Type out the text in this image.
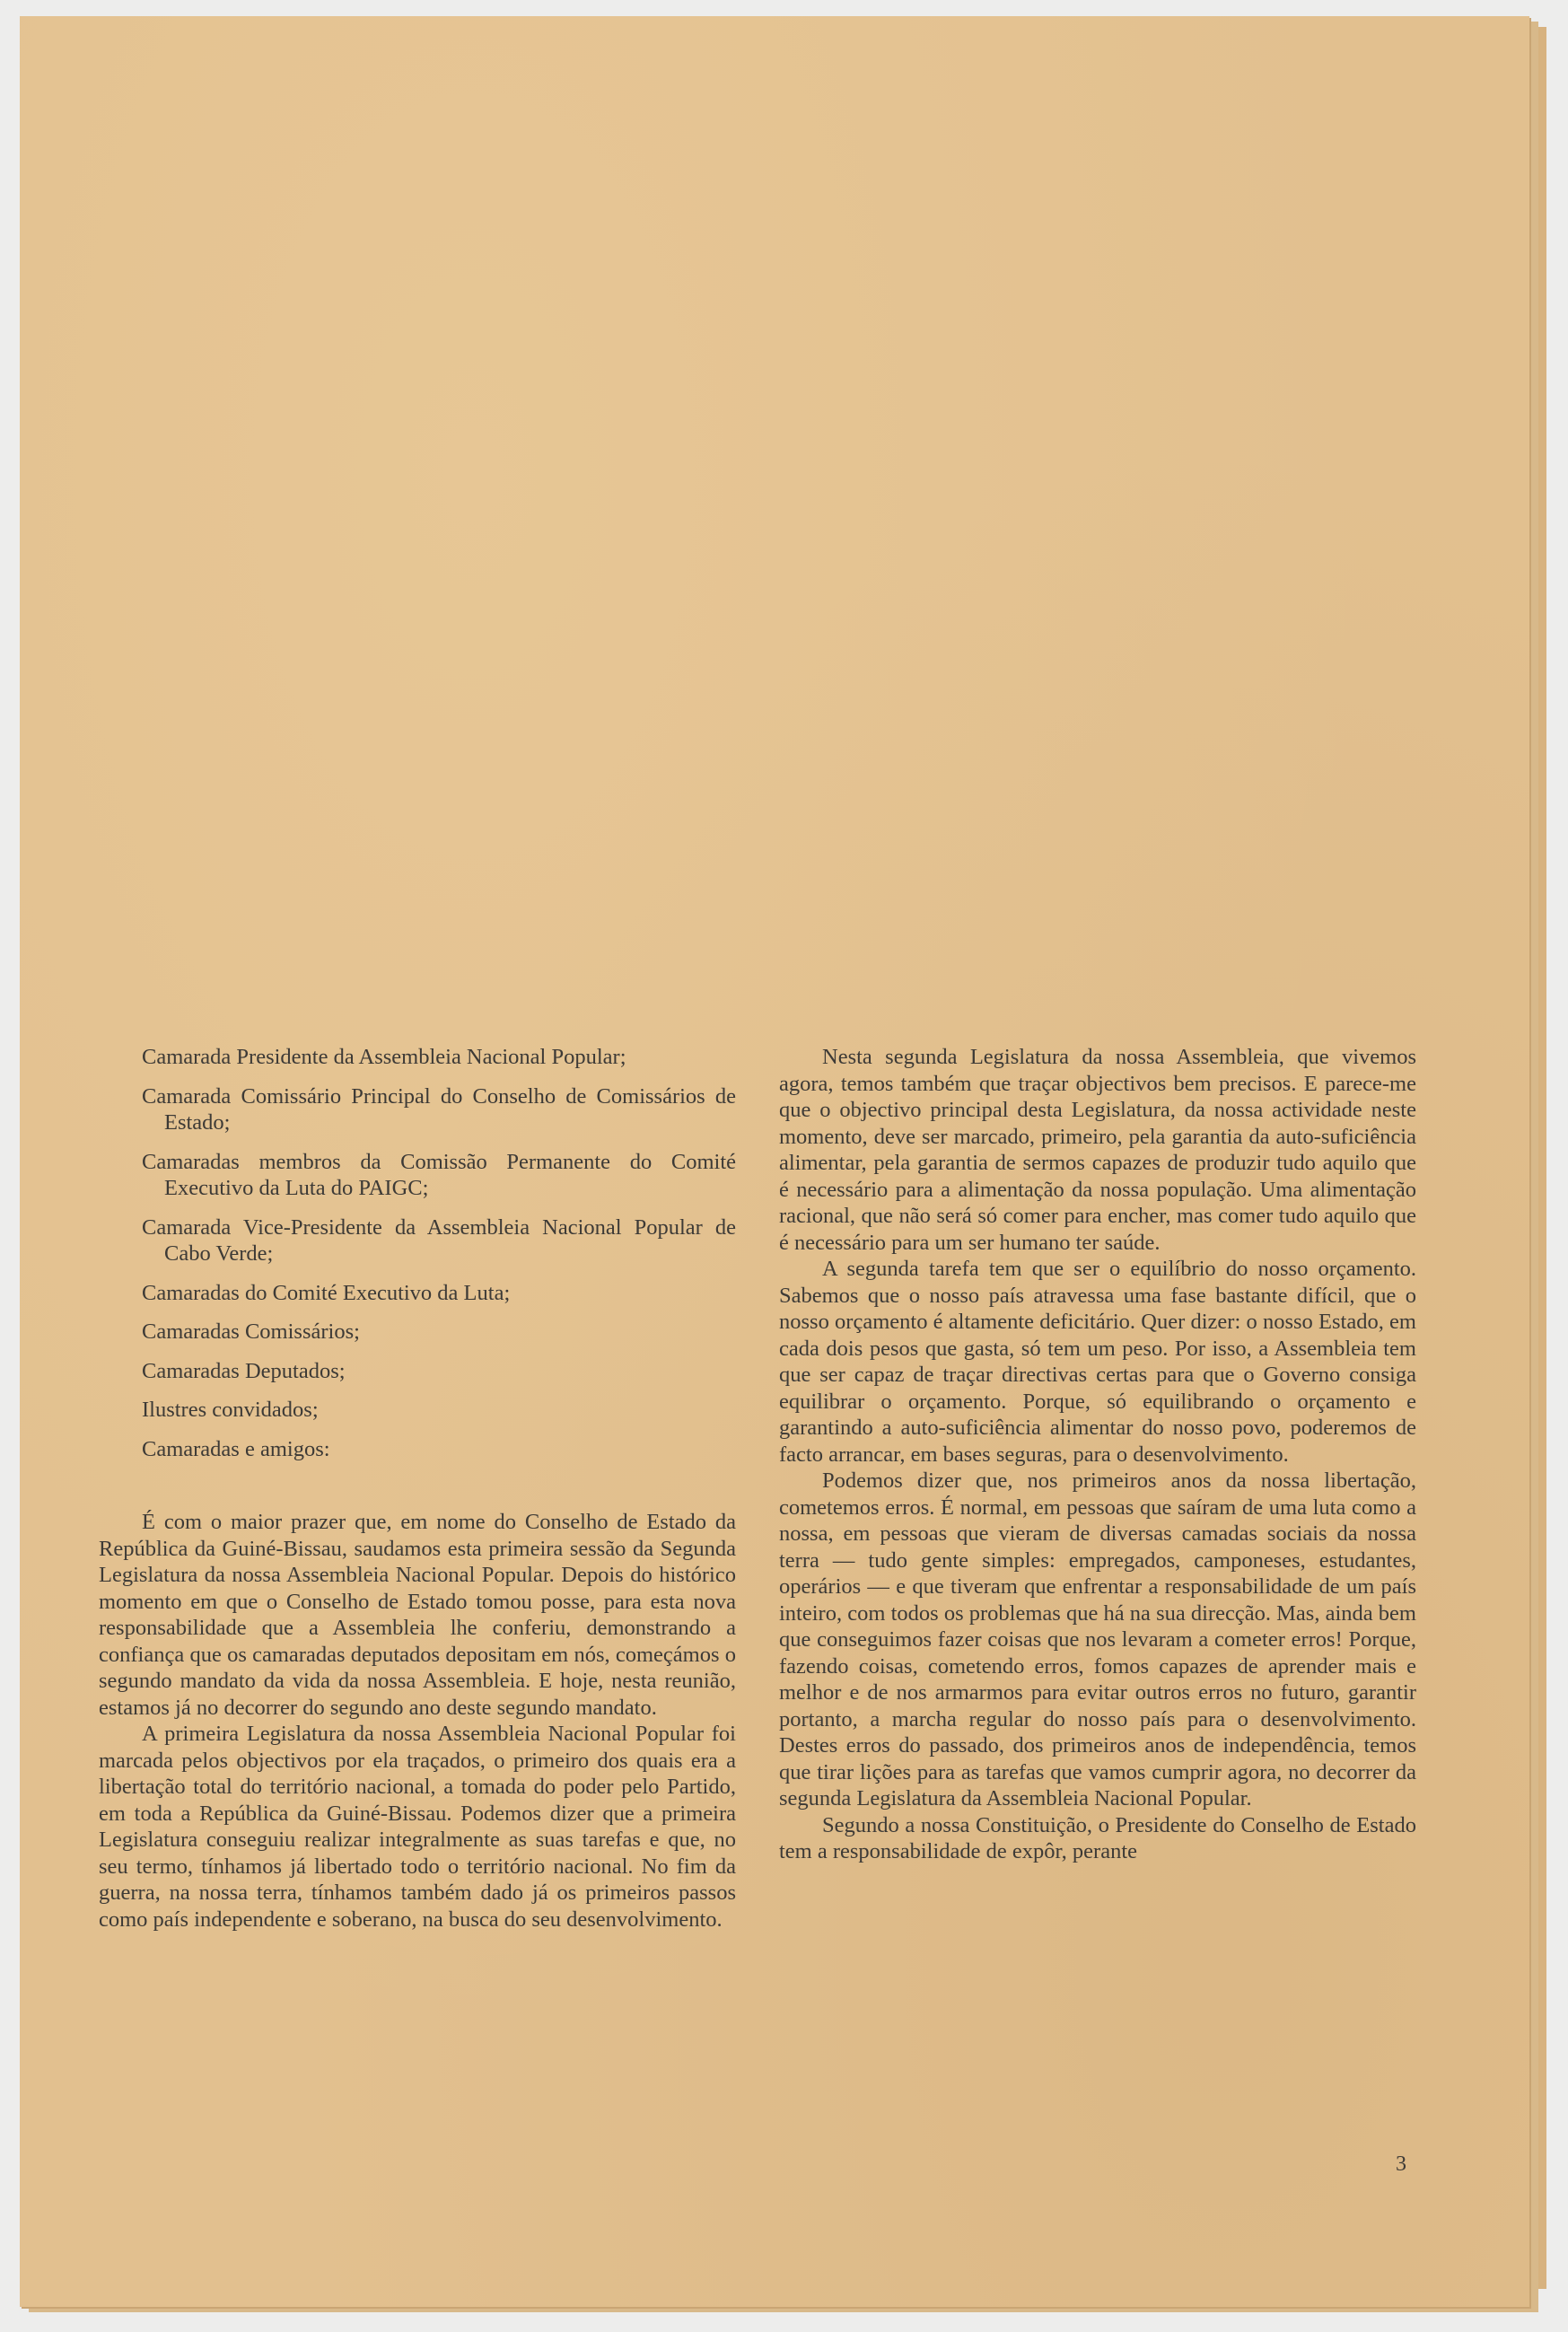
Camarada Presidente da Assembleia Nacional Popular;

Camarada Comissário Principal do Conselho de Comissários de Estado;

Camaradas membros da Comissão Permanente do Comité Executivo da Luta do PAIGC;

Camarada Vice-Presidente da Assembleia Nacional Popular de Cabo Verde;

Camaradas do Comité Executivo da Luta;

Camaradas Comissários;

Camaradas Deputados;

Ilustres convidados;

Camaradas e amigos:

É com o maior prazer que, em nome do Conselho de Estado da República da Guiné-Bissau, saudamos esta primeira sessão da Segunda Legislatura da nossa Assembleia Nacional Popular. Depois do histórico momento em que o Conselho de Estado tomou posse, para esta nova responsabilidade que a Assembleia lhe conferiu, demonstrando a confiança que os camaradas deputados depositam em nós, começámos o segundo mandato da vida da nossa Assembleia. E hoje, nesta reunião, estamos já no decorrer do segundo ano deste segundo mandato.

A primeira Legislatura da nossa Assembleia Nacional Popular foi marcada pelos objectivos por ela traçados, o primeiro dos quais era a libertação total do território nacional, a tomada do poder pelo Partido, em toda a República da Guiné-Bissau. Podemos dizer que a primeira Legislatura conseguiu realizar integralmente as suas tarefas e que, no seu termo, tínhamos já libertado todo o território nacional. No fim da guerra, na nossa terra, tínhamos também dado já os primeiros passos como país independente e soberano, na busca do seu desenvolvimento.

Nesta segunda Legislatura da nossa Assembleia, que vivemos agora, temos também que traçar objectivos bem precisos. E parece-me que o objectivo principal desta Legislatura, da nossa actividade neste momento, deve ser marcado, primeiro, pela garantia da auto-suficiência alimentar, pela garantia de sermos capazes de produzir tudo aquilo que é necessário para a alimentação da nossa população. Uma alimentação racional, que não será só comer para encher, mas comer tudo aquilo que é necessário para um ser humano ter saúde.

A segunda tarefa tem que ser o equilíbrio do nosso orçamento. Sabemos que o nosso país atravessa uma fase bastante difícil, que o nosso orçamento é altamente deficitário. Quer dizer: o nosso Estado, em cada dois pesos que gasta, só tem um peso. Por isso, a Assembleia tem que ser capaz de traçar directivas certas para que o Governo consiga equilibrar o orçamento. Porque, só equilibrando o orçamento e garantindo a auto-suficiência alimentar do nosso povo, poderemos de facto arrancar, em bases seguras, para o desenvolvimento.

Podemos dizer que, nos primeiros anos da nossa libertação, cometemos erros. É normal, em pessoas que saíram de uma luta como a nossa, em pessoas que vieram de diversas camadas sociais da nossa terra — tudo gente simples: empregados, camponeses, estudantes, operários — e que tiveram que enfrentar a responsabilidade de um país inteiro, com todos os problemas que há na sua direcção. Mas, ainda bem que conseguimos fazer coisas que nos levaram a cometer erros! Porque, fazendo coisas, cometendo erros, fomos capazes de aprender mais e melhor e de nos armarmos para evitar outros erros no futuro, garantir portanto, a marcha regular do nosso país para o desenvolvimento. Destes erros do passado, dos primeiros anos de independência, temos que tirar lições para as tarefas que vamos cumprir agora, no decorrer da segunda Legislatura da Assembleia Nacional Popular.

Segundo a nossa Constituição, o Presidente do Conselho de Estado tem a responsabilidade de expôr, perante

3
